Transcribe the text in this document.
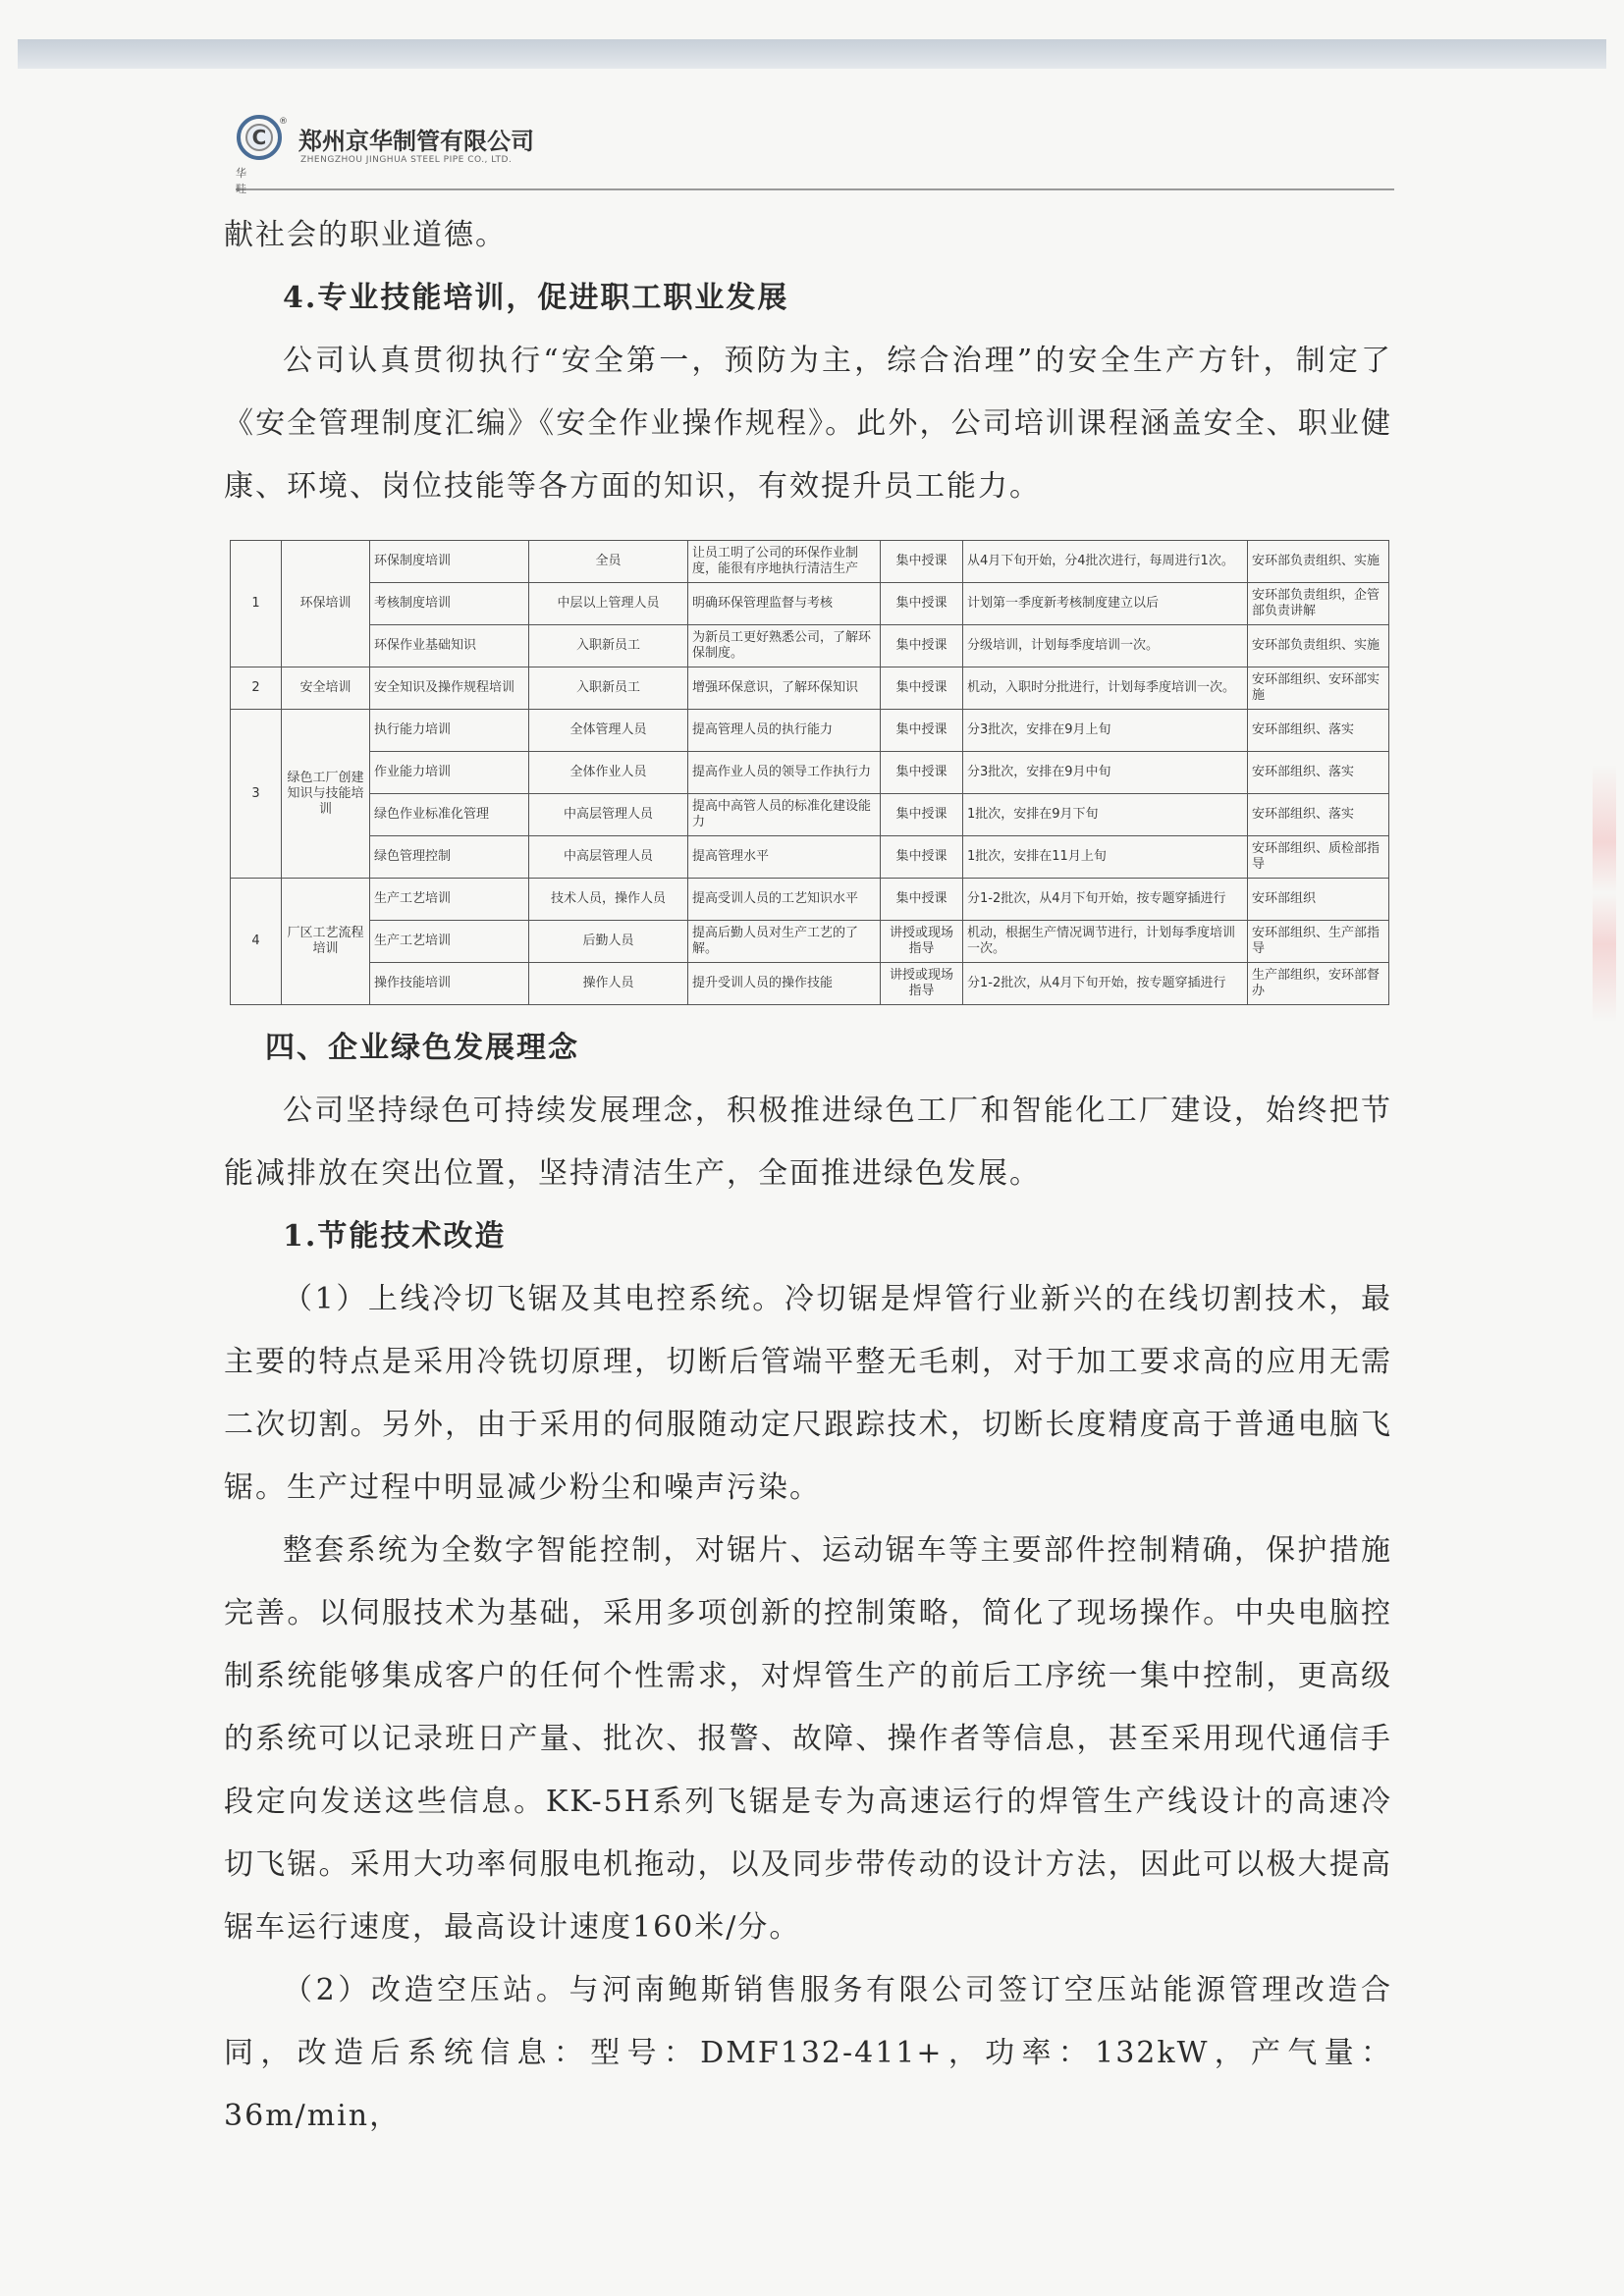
C
®
华 畦
郑州京华制管有限公司
ZHENGZHOU JINGHUA STEEL PIPE CO., LTD.

献社会的职业道德。

4.专业技能培训，促进职工职业发展

公司认真贯彻执行“安全第一，预防为主，综合治理”的安全生产方针，制定了《安全管理制度汇编》《安全作业操作规程》。此外，公司培训课程涵盖安全、职业健康、环境、岗位技能等各方面的知识，有效提升员工能力。

1	环保培训	环保制度培训	全员	让员工明了公司的环保作业制度，能很有序地执行清洁生产	集中授课	从4月下旬开始，分4批次进行，每周进行1次。	安环部负责组织、实施
		考核制度培训	中层以上管理人员	明确环保管理监督与考核	集中授课	计划第一季度新考核制度建立以后	安环部负责组织，企管部负责讲解
		环保作业基础知识	入职新员工	为新员工更好熟悉公司，了解环保制度。	集中授课	分级培训，计划每季度培训一次。	安环部负责组织、实施
2	安全培训	安全知识及操作规程培训	入职新员工	增强环保意识，了解环保知识	集中授课	机动，入职时分批进行，计划每季度培训一次。	安环部组织、安环部实施
3	绿色工厂创建知识与技能培训	执行能力培训	全体管理人员	提高管理人员的执行能力	集中授课	分3批次，安排在9月上旬	安环部组织、落实
		作业能力培训	全体作业人员	提高作业人员的领导工作执行力	集中授课	分3批次，安排在9月中旬	安环部组织、落实
		绿色作业标准化管理	中高层管理人员	提高中高管人员的标准化建设能力	集中授课	1批次，安排在9月下旬	安环部组织、落实
		绿色管理控制	中高层管理人员	提高管理水平	集中授课	1批次，安排在11月上旬	安环部组织、质检部指导
4	厂区工艺流程培训	生产工艺培训	技术人员，操作人员	提高受训人员的工艺知识水平	集中授课	分1-2批次，从4月下旬开始，按专题穿插进行	安环部组织
		生产工艺培训	后勤人员	提高后勤人员对生产工艺的了解。	讲授或现场指导	机动，根据生产情况调节进行，计划每季度培训一次。	安环部组织、生产部指导
		操作技能培训	操作人员	提升受训人员的操作技能	讲授或现场指导	分1-2批次，从4月下旬开始，按专题穿插进行	生产部组织，安环部督办

四、企业绿色发展理念

公司坚持绿色可持续发展理念，积极推进绿色工厂和智能化工厂建设，始终把节能减排放在突出位置，坚持清洁生产，全面推进绿色发展。

1.节能技术改造

（1）上线冷切飞锯及其电控系统。冷切锯是焊管行业新兴的在线切割技术，最主要的特点是采用冷铣切原理，切断后管端平整无毛刺，对于加工要求高的应用无需二次切割。另外，由于采用的伺服随动定尺跟踪技术，切断长度精度高于普通电脑飞锯。生产过程中明显减少粉尘和噪声污染。

整套系统为全数字智能控制，对锯片、运动锯车等主要部件控制精确，保护措施完善。以伺服技术为基础，采用多项创新的控制策略，简化了现场操作。中央电脑控制系统能够集成客户的任何个性需求，对焊管生产的前后工序统一集中控制，更高级的系统可以记录班日产量、批次、报警、故障、操作者等信息，甚至采用现代通信手段定向发送这些信息。KK-5H系列飞锯是专为高速运行的焊管生产线设计的高速冷切飞锯。采用大功率伺服电机拖动，以及同步带传动的设计方法，因此可以极大提高锯车运行速度，最高设计速度160米/分。

（2）改造空压站。与河南鲍斯销售服务有限公司签订空压站能源管理改造合同，改造后系统信息：型号：DMF132-411+，功率：132kW，产气量：36m/min，
